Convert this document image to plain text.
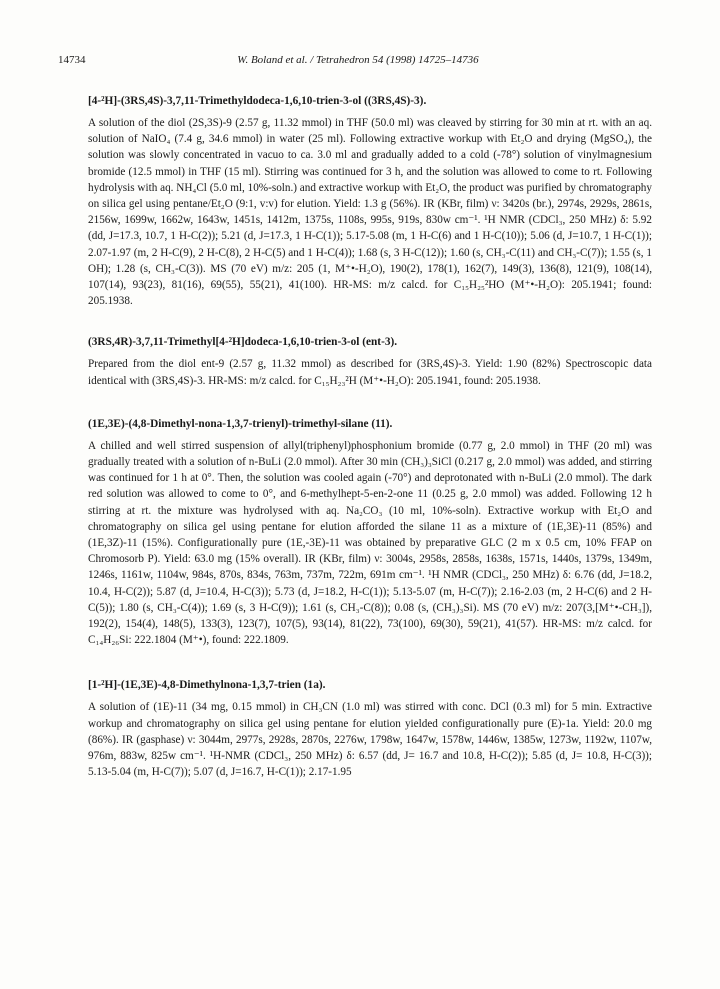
14734	W. Boland et al. / Tetrahedron 54 (1998) 14725–14736

[4-²H]-(3RS,4S)-3,7,11-Trimethyldodeca-1,6,10-trien-3-ol ((3RS,4S)-3).

A solution of the diol (2S,3S)-9 (2.57 g, 11.32 mmol) in THF (50.0 ml) was cleaved by stirring for 30 min at rt. with an aq. solution of NaIO₄ (7.4 g, 34.6 mmol) in water (25 ml). Following extractive workup with Et₂O and drying (MgSO₄), the solution was slowly concentrated in vacuo to ca. 3.0 ml and gradually added to a cold (-78°) solution of vinylmagnesium bromide (12.5 mmol) in THF (15 ml). Stirring was continued for 3 h, and the solution was allowed to come to rt. Following hydrolysis with aq. NH₄Cl (5.0 ml, 10%-soln.) and extractive workup with Et₂O, the product was purified by chromatography on silica gel using pentane/Et₂O (9:1, v:v) for elution. Yield: 1.3 g (56%). IR (KBr, film) ν: 3420s (br.), 2974s, 2929s, 2861s, 2156w, 1699w, 1662w, 1643w, 1451s, 1412m, 1375s, 1108s, 995s, 919s, 830w cm⁻¹. ¹H NMR (CDCl₃, 250 MHz) δ: 5.92 (dd, J=17.3, 10.7, 1 H-C(2)); 5.21 (d, J=17.3, 1 H-C(1)); 5.17-5.08 (m, 1 H-C(6) and 1 H-C(10)); 5.06 (d, J=10.7, 1 H-C(1)); 2.07-1.97 (m, 2 H-C(9), 2 H-C(8), 2 H-C(5) and 1 H-C(4)); 1.68 (s, 3 H-C(12)); 1.60 (s, CH₃-C(11) and CH₃-C(7)); 1.55 (s, 1 OH); 1.28 (s, CH₃-C(3)). MS (70 eV) m/z: 205 (1, M⁺•-H₂O), 190(2), 178(1), 162(7), 149(3), 136(8), 121(9), 108(14), 107(14), 93(23), 81(16), 69(55), 55(21), 41(100). HR-MS: m/z calcd. for C₁₅H₂₅²HO (M⁺•-H₂O): 205.1941; found: 205.1938.

(3RS,4R)-3,7,11-Trimethyl[4-²H]dodeca-1,6,10-trien-3-ol (ent-3).

Prepared from the diol ent-9 (2.57 g, 11.32 mmol) as described for (3RS,4S)-3. Yield: 1.90 (82%) Spectroscopic data identical with (3RS,4S)-3. HR-MS: m/z calcd. for C₁₅H₂₃²H (M⁺•-H₂O): 205.1941, found: 205.1938.

(1E,3E)-(4,8-Dimethyl-nona-1,3,7-trienyl)-trimethyl-silane (11).

A chilled and well stirred suspension of allyl(triphenyl)phosphonium bromide (0.77 g, 2.0 mmol) in THF (20 ml) was gradually treated with a solution of n-BuLi (2.0 mmol). After 30 min (CH₃)₃SiCl (0.217 g, 2.0 mmol) was added, and stirring was continued for 1 h at 0°. Then, the solution was cooled again (-70°) and deprotonated with n-BuLi (2.0 mmol). The dark red solution was allowed to come to 0°, and 6-methylhept-5-en-2-one 11 (0.25 g, 2.0 mmol) was added. Following 12 h stirring at rt. the mixture was hydrolysed with aq. Na₂CO₃ (10 ml, 10%-soln). Extractive workup with Et₂O and chromatography on silica gel using pentane for elution afforded the silane 11 as a mixture of (1E,3E)-11 (85%) and (1E,3Z)-11 (15%). Configurationally pure (1E,-3E)-11 was obtained by preparative GLC (2 m x 0.5 cm, 10% FFAP on Chromosorb P). Yield: 63.0 mg (15% overall). IR (KBr, film) ν: 3004s, 2958s, 2858s, 1638s, 1571s, 1440s, 1379s, 1349m, 1246s, 1161w, 1104w, 984s, 870s, 834s, 763m, 737m, 722m, 691m cm⁻¹. ¹H NMR (CDCl₃, 250 MHz) δ: 6.76 (dd, J=18.2, 10.4, H-C(2)); 5.87 (d, J=10.4, H-C(3)); 5.73 (d, J=18.2, H-C(1)); 5.13-5.07 (m, H-C(7)); 2.16-2.03 (m, 2 H-C(6) and 2 H-C(5)); 1.80 (s, CH₃-C(4)); 1.69 (s, 3 H-C(9)); 1.61 (s, CH₃-C(8)); 0.08 (s, (CH₃)₃Si). MS (70 eV) m/z: 207(3,[M⁺•-CH₃]), 192(2), 154(4), 148(5), 133(3), 123(7), 107(5), 93(14), 81(22), 73(100), 69(30), 59(21), 41(57). HR-MS: m/z calcd. for C₁₄H₂₆Si: 222.1804 (M⁺•), found: 222.1809.

[1-²H]-(1E,3E)-4,8-Dimethylnona-1,3,7-trien (1a).

A solution of (1E)-11 (34 mg, 0.15 mmol) in CH₃CN (1.0 ml) was stirred with conc. DCl (0.3 ml) for 5 min. Extractive workup and chromatography on silica gel using pentane for elution yielded configurationally pure (E)-1a. Yield: 20.0 mg (86%). IR (gasphase) ν: 3044m, 2977s, 2928s, 2870s, 2276w, 1798w, 1647w, 1578w, 1446w, 1385w, 1273w, 1192w, 1107w, 976m, 883w, 825w cm⁻¹. ¹H-NMR (CDCl₃, 250 MHz) δ: 6.57 (dd, J= 16.7 and 10.8, H-C(2)); 5.85 (d, J= 10.8, H-C(3)); 5.13-5.04 (m, H-C(7)); 5.07 (d, J=16.7, H-C(1)); 2.17-1.95
